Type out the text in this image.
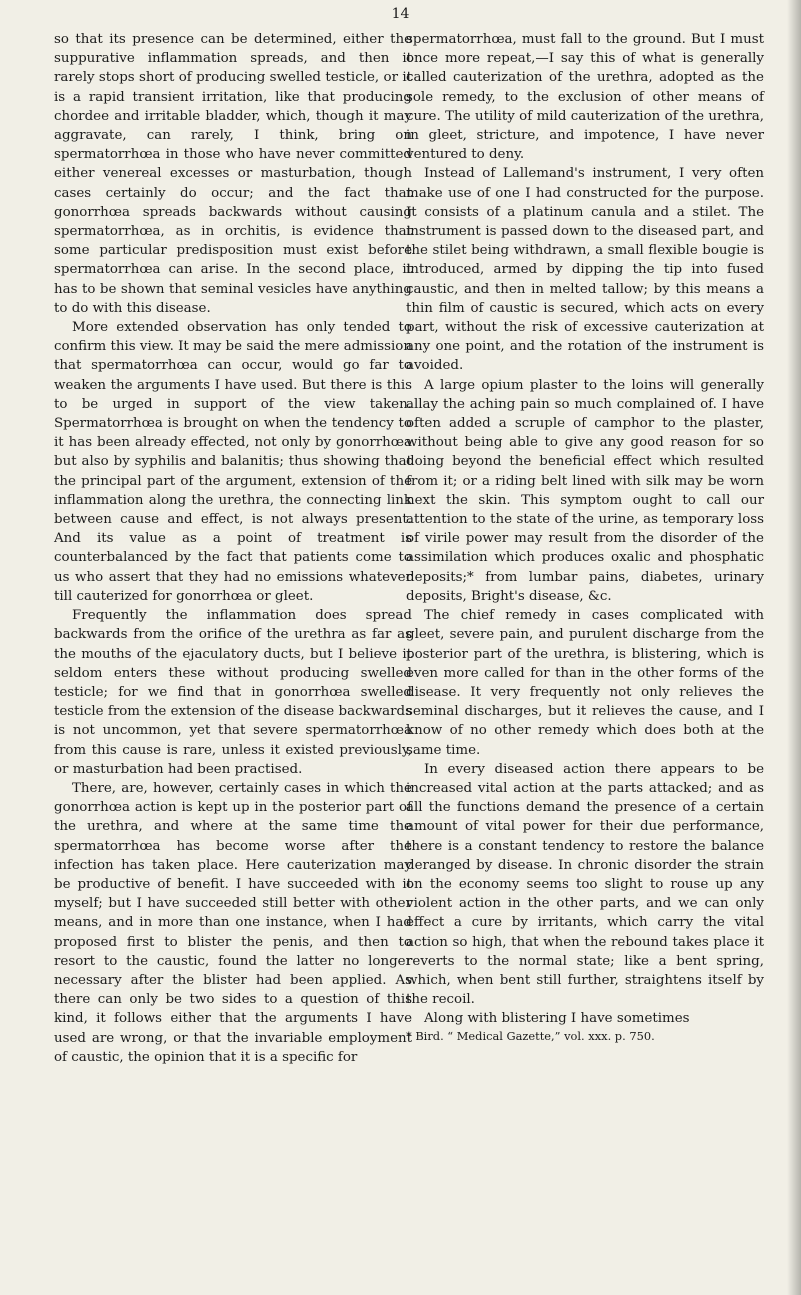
14

so that its presence can be determined, either the suppurative inflammation spreads, and then it rarely stops short of producing swelled testicle, or it is a rapid transient irritation, like that producing chordee and irritable bladder, which, though it may aggravate, can rarely, I think, bring on spermatorrhœa in those who have never committed either venereal excesses or masturbation, though cases certainly do occur; and the fact that gonorrhœa spreads backwards without causing spermatorrhœa, as in orchitis, is evidence that some particular predisposition must exist before spermatorrhœa can arise. In the second place, it has to be shown that seminal vesicles have anything to do with this disease.

More extended observation has only tended to confirm this view. It may be said the mere admission that spermatorrhœa can occur, would go far to weaken the arguments I have used. But there is this to be urged in support of the view taken. Spermatorrhœa is brought on when the tendency to it has been already effected, not only by gonorrhœa but also by syphilis and balanitis; thus showing that the principal part of the argument, extension of the inflammation along the urethra, the connecting link between cause and effect, is not always present. And its value as a point of treatment is counterbalanced by the fact that patients come to us who assert that they had no emissions whatever till cauterized for gonorrhœa or gleet.

Frequently the inflammation does spread backwards from the orifice of the urethra as far as the mouths of the ejaculatory ducts, but I believe it seldom enters these without producing swelled testicle; for we find that in gonorrhœa swelled testicle from the extension of the disease backwards is not uncommon, yet that severe spermatorrhœa from this cause is rare, unless it existed previously, or masturbation had been practised.

There, are, however, certainly cases in which the gonorrhœa action is kept up in the posterior part of the urethra, and where at the same time the spermatorrhœa has become worse after the infection has taken place. Here cauterization may be productive of benefit. I have succeeded with it myself; but I have succeeded still better with other means, and in more than one instance, when I had proposed first to blister the penis, and then to resort to the caustic, found the latter no longer necessary after the blister had been applied. As there can only be two sides to a question of this kind, it follows either that the arguments I have used are wrong, or that the invariable employment of caustic, the opinion that it is a specific for

spermatorrhœa, must fall to the ground. But I must once more repeat,—I say this of what is generally called cauterization of the urethra, adopted as the sole remedy, to the exclusion of other means of cure. The utility of mild cauterization of the urethra, in gleet, stricture, and impotence, I have never ventured to deny.

Instead of Lallemand's instrument, I very often make use of one I had constructed for the purpose. It consists of a platinum canula and a stilet. The instrument is passed down to the diseased part, and the stilet being withdrawn, a small flexible bougie is introduced, armed by dipping the tip into fused caustic, and then in melted tallow; by this means a thin film of caustic is secured, which acts on every part, without the risk of excessive cauterization at any one point, and the rotation of the instrument is avoided.

A large opium plaster to the loins will generally allay the aching pain so much complained of. I have often added a scruple of camphor to the plaster, without being able to give any good reason for so doing beyond the beneficial effect which resulted from it; or a riding belt lined with silk may be worn next the skin. This symptom ought to call our attention to the state of the urine, as temporary loss of virile power may result from the disorder of the assimilation which produces oxalic and phosphatic deposits;* from lumbar pains, diabetes, urinary deposits, Bright's disease, &c.

The chief remedy in cases complicated with gleet, severe pain, and purulent discharge from the posterior part of the urethra, is blistering, which is even more called for than in the other forms of the disease. It very frequently not only relieves the seminal discharges, but it relieves the cause, and I know of no other remedy which does both at the same time.

In every diseased action there appears to be increased vital action at the parts attacked; and as all the functions demand the presence of a certain amount of vital power for their due performance, there is a constant tendency to restore the balance deranged by disease. In chronic disorder the strain on the economy seems too slight to rouse up any violent action in the other parts, and we can only effect a cure by irritants, which carry the vital action so high, that when the rebound takes place it reverts to the normal state; like a bent spring, which, when bent still further, straightens itself by the recoil.

Along with blistering I have sometimes

* Bird. “ Medical Gazette,” vol. xxx. p. 750.
